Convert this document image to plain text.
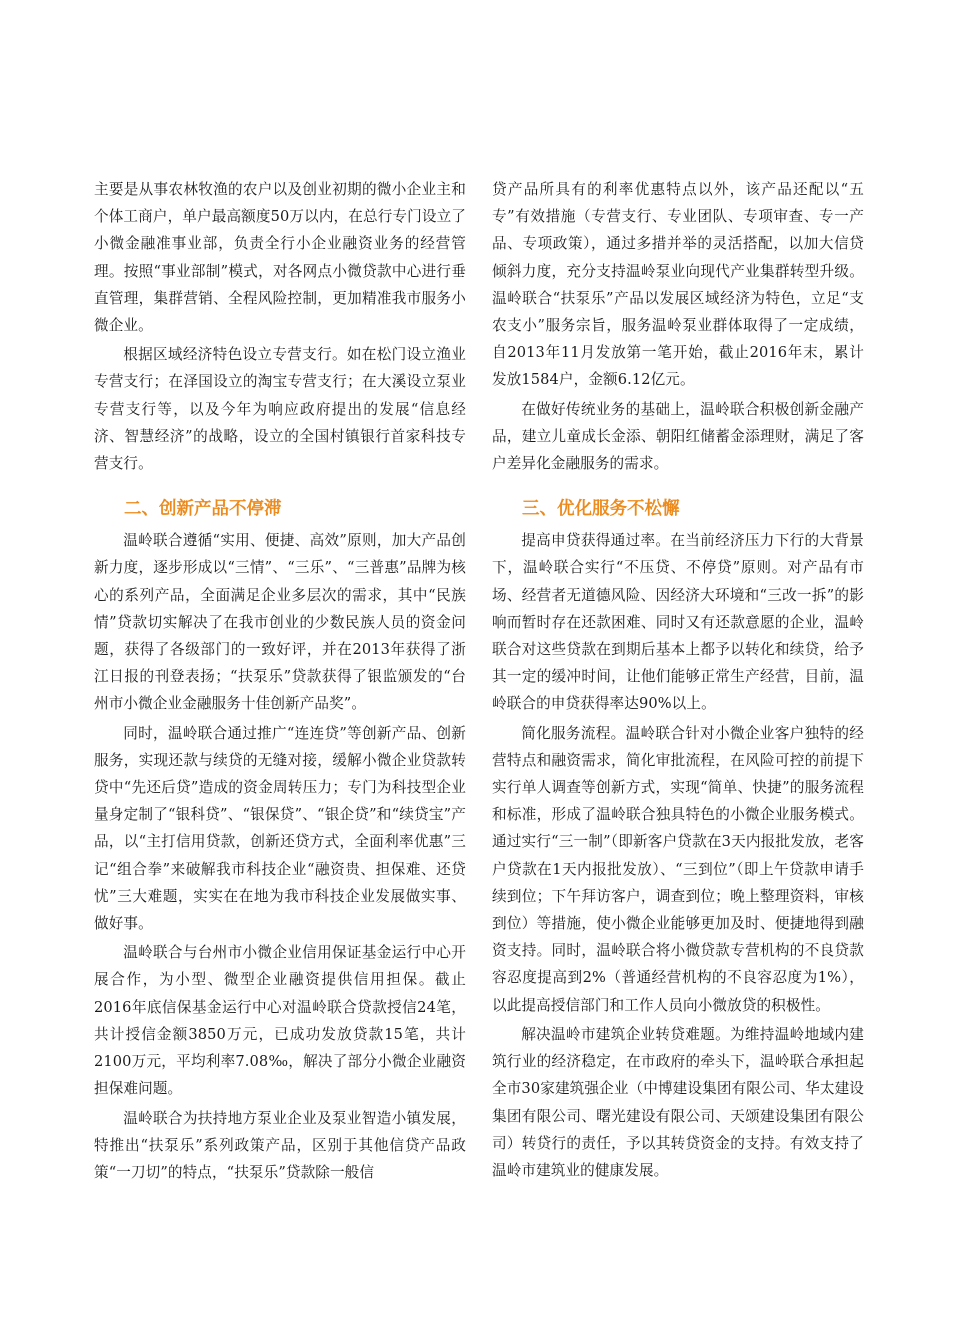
主要是从事农林牧渔的农户以及创业初期的微小企业主和个体工商户，单户最高额度50万以内，在总行专门设立了小微金融准事业部，负责全行小企业融资业务的经营管理。按照“事业部制”模式，对各网点小微贷款中心进行垂直管理，集群营销、全程风险控制，更加精准我市服务小微企业。

根据区域经济特色设立专营支行。如在松门设立渔业专营支行；在泽国设立的淘宝专营支行；在大溪设立泵业专营支行等，以及今年为响应政府提出的发展“信息经济、智慧经济”的战略，设立的全国村镇银行首家科技专营支行。

二、创新产品不停滞

温岭联合遵循“实用、便捷、高效”原则，加大产品创新力度，逐步形成以“三情”、“三乐”、“三普惠”品牌为核心的系列产品，全面满足企业多层次的需求，其中“民族情”贷款切实解决了在我市创业的少数民族人员的资金问题，获得了各级部门的一致好评，并在2013年获得了浙江日报的刊登表扬；“扶泵乐”贷款获得了银监颁发的“台州市小微企业金融服务十佳创新产品奖”。

同时，温岭联合通过推广“连连贷”等创新产品、创新服务，实现还款与续贷的无缝对接，缓解小微企业贷款转贷中“先还后贷”造成的资金周转压力；专门为科技型企业量身定制了“银科贷”、“银保贷”、“银企贷”和“续贷宝”产品，以“主打信用贷款，创新还贷方式，全面利率优惠”三记“组合拳”来破解我市科技企业“融资贵、担保难、还贷忧”三大难题，实实在在地为我市科技企业发展做实事、做好事。

温岭联合与台州市小微企业信用保证基金运行中心开展合作，为小型、微型企业融资提供信用担保。截止2016年底信保基金运行中心对温岭联合贷款授信24笔，共计授信金额3850万元，已成功发放贷款15笔，共计2100万元，平均利率7.08‰，解决了部分小微企业融资担保难问题。

温岭联合为扶持地方泵业企业及泵业智造小镇发展，特推出“扶泵乐”系列政策产品，区别于其他信贷产品政策“一刀切”的特点，“扶泵乐”贷款除一般信

贷产品所具有的利率优惠特点以外，该产品还配以“五专”有效措施（专营支行、专业团队、专项审查、专一产品、专项政策），通过多措并举的灵活搭配，以加大信贷倾斜力度，充分支持温岭泵业向现代产业集群转型升级。温岭联合“扶泵乐”产品以发展区域经济为特色，立足“支农支小”服务宗旨，服务温岭泵业群体取得了一定成绩，自2013年11月发放第一笔开始，截止2016年末，累计发放1584户，金额6.12亿元。

在做好传统业务的基础上，温岭联合积极创新金融产品，建立儿童成长金添、朝阳红储蓄金添理财，满足了客户差异化金融服务的需求。

三、优化服务不松懈

提高申贷获得通过率。在当前经济压力下行的大背景下，温岭联合实行“不压贷、不停贷”原则。对产品有市场、经营者无道德风险、因经济大环境和“三改一拆”的影响而暂时存在还款困难、同时又有还款意愿的企业，温岭联合对这些贷款在到期后基本上都予以转化和续贷，给予其一定的缓冲时间，让他们能够正常生产经营，目前，温岭联合的申贷获得率达90%以上。

简化服务流程。温岭联合针对小微企业客户独特的经营特点和融资需求，简化审批流程，在风险可控的前提下实行单人调查等创新方式，实现“简单、快捷”的服务流程和标准，形成了温岭联合独具特色的小微企业服务模式。通过实行“三一制”（即新客户贷款在3天内报批发放，老客户贷款在1天内报批发放）、“三到位”（即上午贷款申请手续到位；下午拜访客户，调查到位；晚上整理资料，审核到位）等措施，使小微企业能够更加及时、便捷地得到融资支持。同时，温岭联合将小微贷款专营机构的不良贷款容忍度提高到2%（普通经营机构的不良容忍度为1%），以此提高授信部门和工作人员向小微放贷的积极性。

解决温岭市建筑企业转贷难题。为维持温岭地域内建筑行业的经济稳定，在市政府的牵头下，温岭联合承担起全市30家建筑强企业（中博建设集团有限公司、华太建设集团有限公司、曙光建设有限公司、天颂建设集团有限公司）转贷行的责任，予以其转贷资金的支持。有效支持了温岭市建筑业的健康发展。
